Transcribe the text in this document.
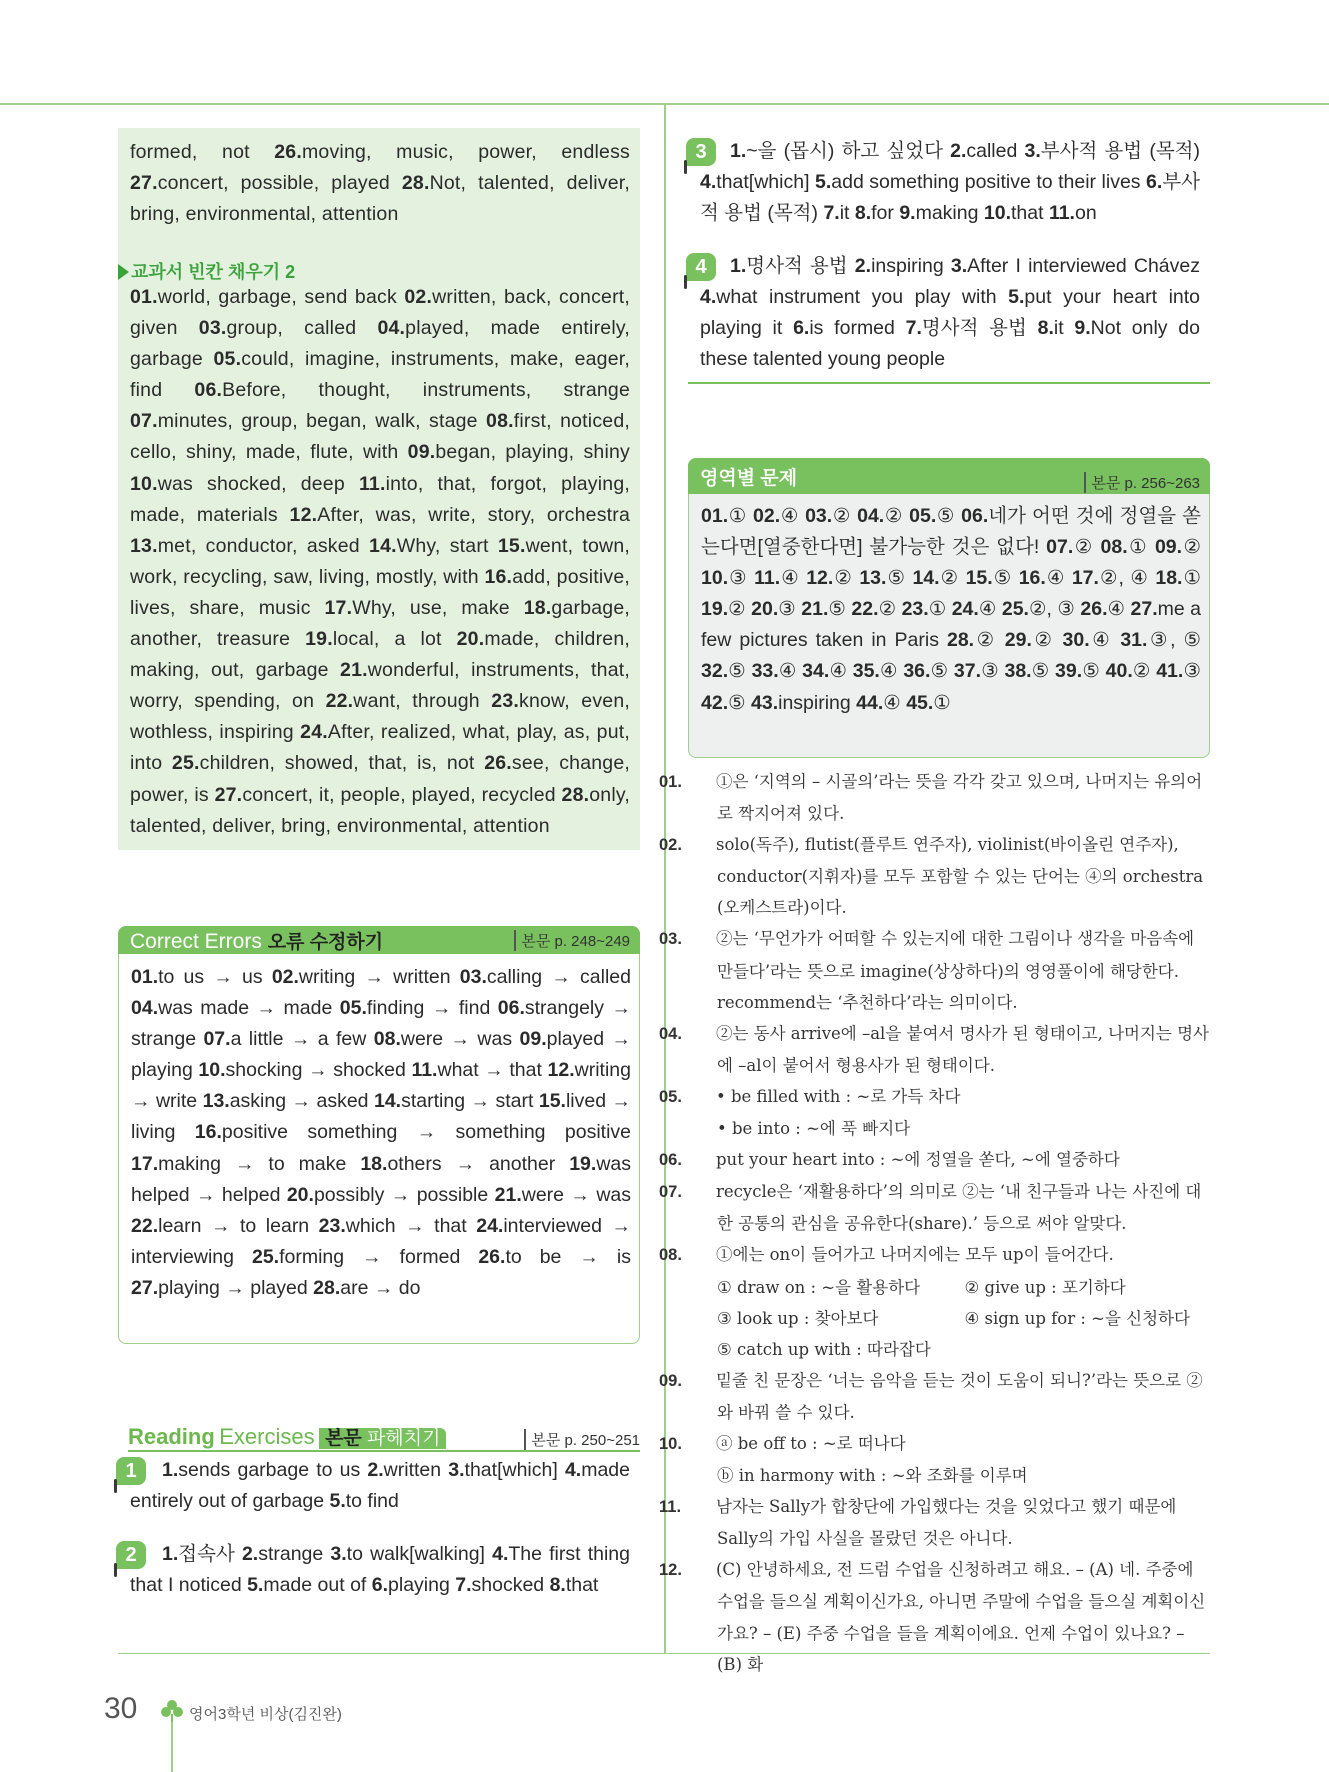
formed, not 26.moving, music, power, endless 27.concert, possible, played 28.Not, talented, deliver, bring, environmental, attention
교과서 빈칸 채우기 2
01.world, garbage, send back 02.written, back, concert, given 03.group, called 04.played, made entirely, garbage 05.could, imagine, instruments, make, eager, find 06.Before, thought, instruments, strange 07.minutes, group, began, walk, stage 08.first, noticed, cello, shiny, made, flute, with 09.began, playing, shiny 10.was shocked, deep 11.into, that, forgot, playing, made, materials 12.After, was, write, story, orchestra 13.met, conductor, asked 14.Why, start 15.went, town, work, recycling, saw, living, mostly, with 16.add, positive, lives, share, music 17.Why, use, make 18.garbage, another, treasure 19.local, a lot 20.made, children, making, out, garbage 21.wonderful, instruments, that, worry, spending, on 22.want, through 23.know, even, wothless, inspiring 24.After, realized, what, play, as, put, into 25.children, showed, that, is, not 26.see, change, power, is 27.concert, it, people, played, recycled 28.only, talented, deliver, bring, environmental, attention
Correct Errors 오류 수정하기	본문 p. 248~249
01.to us → us 02.writing → written 03.calling → called 04.was made → made 05.finding → find 06.strangely → strange 07.a little → a few 08.were → was 09.played → playing 10.shocking → shocked 11.what → that 12.writing → write 13.asking → asked 14.starting → start 15.lived → living 16.positive something → something positive 17.making → to make 18.others → another 19.was helped → helped 20.possibly → possible 21.were → was 22.learn → to learn 23.which → that 24.interviewed → interviewing 25.forming → formed 26.to be → is 27.playing → played 28.are → do
Reading Exercises 본문 파헤치기	본문 p. 250~251
1	1.sends garbage to us 2.written 3.that[which] 4.made entirely out of garbage 5.to find
2	1.접속사 2.strange 3.to walk[walking] 4.The first thing that I noticed 5.made out of 6.playing 7.shocked 8.that
3	1.~을 (몹시) 하고 싶었다 2.called 3.부사적 용법 (목적) 4.that[which] 5.add something positive to their lives 6.부사적 용법 (목적) 7.it 8.for 9.making 10.that 11.on
4	1.명사적 용법 2.inspiring 3.After I interviewed Chávez 4.what instrument you play with 5.put your heart into playing it 6.is formed 7.명사적 용법 8.it 9.Not only do these talented young people
영역별 문제	본문 p. 256~263
01.① 02.④ 03.② 04.② 05.⑤ 06.네가 어떤 것에 정열을 쏟는다면[열중한다면] 불가능한 것은 없다! 07.② 08.① 09.② 10.③ 11.④ 12.② 13.⑤ 14.② 15.⑤ 16.④ 17.②, ④ 18.① 19.② 20.③ 21.⑤ 22.② 23.① 24.④ 25.②, ③ 26.④ 27.me a few pictures taken in Paris 28.② 29.② 30.④ 31.③, ⑤ 32.⑤ 33.④ 34.④ 35.④ 36.⑤ 37.③ 38.⑤ 39.⑤ 40.② 41.③ 42.⑤ 43.inspiring 44.④ 45.①
01. ①은 ‘지역의 – 시골의’라는 뜻을 각각 갖고 있으며, 나머지는 유의어로 짝지어져 있다.
02. solo(독주), flutist(플루트 연주자), violinist(바이올린 연주자), conductor(지휘자)를 모두 포함할 수 있는 단어는 ④의 orchestra (오케스트라)이다.
03. ②는 ‘무언가가 어떠할 수 있는지에 대한 그림이나 생각을 마음속에 만들다’라는 뜻으로 imagine(상상하다)의 영영풀이에 해당한다. recommend는 ‘추천하다’라는 의미이다.
04. ②는 동사 arrive에 –al을 붙여서 명사가 된 형태이고, 나머지는 명사에 –al이 붙어서 형용사가 된 형태이다.
05. • be filled with : ~로 가득 차다
• be into : ~에 푹 빠지다
06. put your heart into : ~에 정열을 쏟다, ~에 열중하다
07. recycle은 ‘재활용하다’의 의미로 ②는 ‘내 친구들과 나는 사진에 대한 공통의 관심을 공유한다(share).’ 등으로 써야 알맞다.
08. ①에는 on이 들어가고 나머지에는 모두 up이 들어간다.
① draw on : ~을 활용하다	② give up : 포기하다
③ look up : 찾아보다	④ sign up for : ~을 신청하다
⑤ catch up with : 따라잡다
09. 밑줄 친 문장은 ‘너는 음악을 듣는 것이 도움이 되니?’라는 뜻으로 ②와 바꿔 쓸 수 있다.
10. ⓐ be off to : ~로 떠나다
ⓑ in harmony with : ~와 조화를 이루며
11. 남자는 Sally가 합창단에 가입했다는 것을 잊었다고 했기 때문에 Sally의 가입 사실을 몰랐던 것은 아니다.
12. (C) 안녕하세요, 전 드럼 수업을 신청하려고 해요. – (A) 네. 주중에 수업을 들으실 계획이신가요, 아니면 주말에 수업을 들으실 계획이신가요? – (E) 주중 수업을 들을 계획이에요. 언제 수업이 있나요? – (B) 화
30	영어3학년 비상(김진완)
